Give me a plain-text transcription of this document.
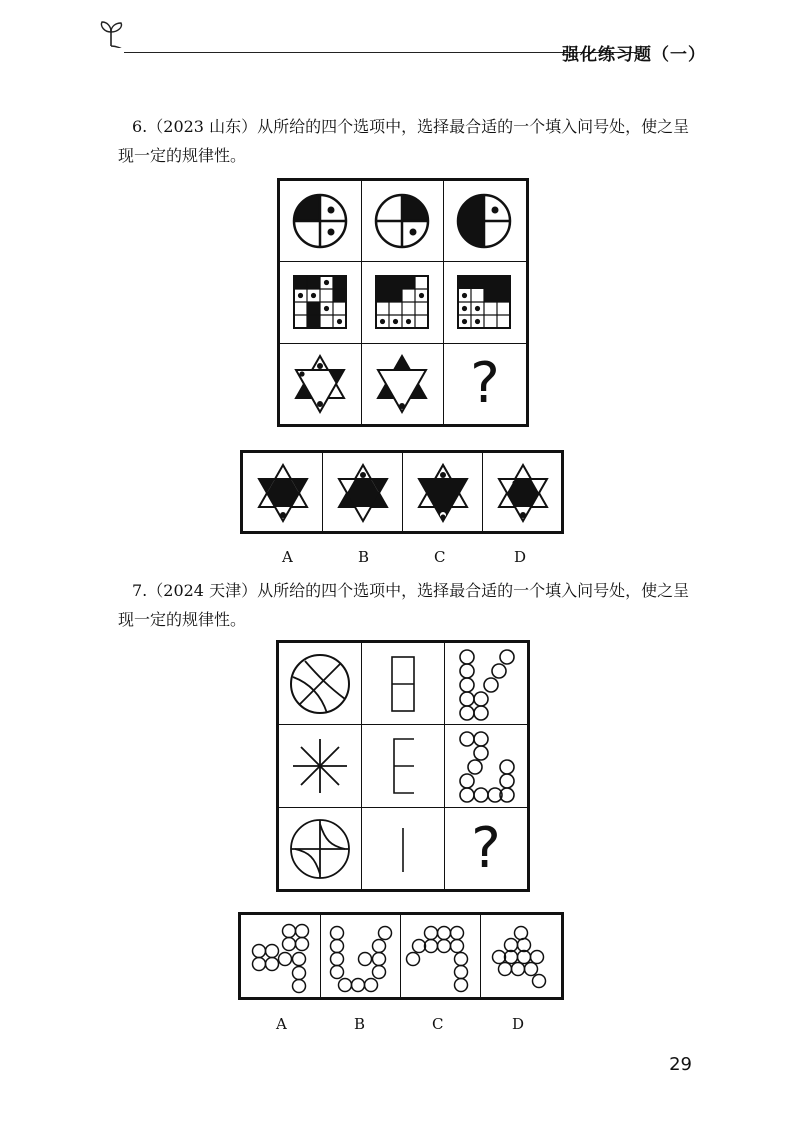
强化练习题（一）
6.（2023 山东）从所给的四个选项中，选择最合适的一个填入问号处，使之呈
现一定的规律性。
?
A	B	C	D
7.（2024 天津）从所给的四个选项中，选择最合适的一个填入问号处，使之呈
现一定的规律性。
?
A	B	C	D
29
